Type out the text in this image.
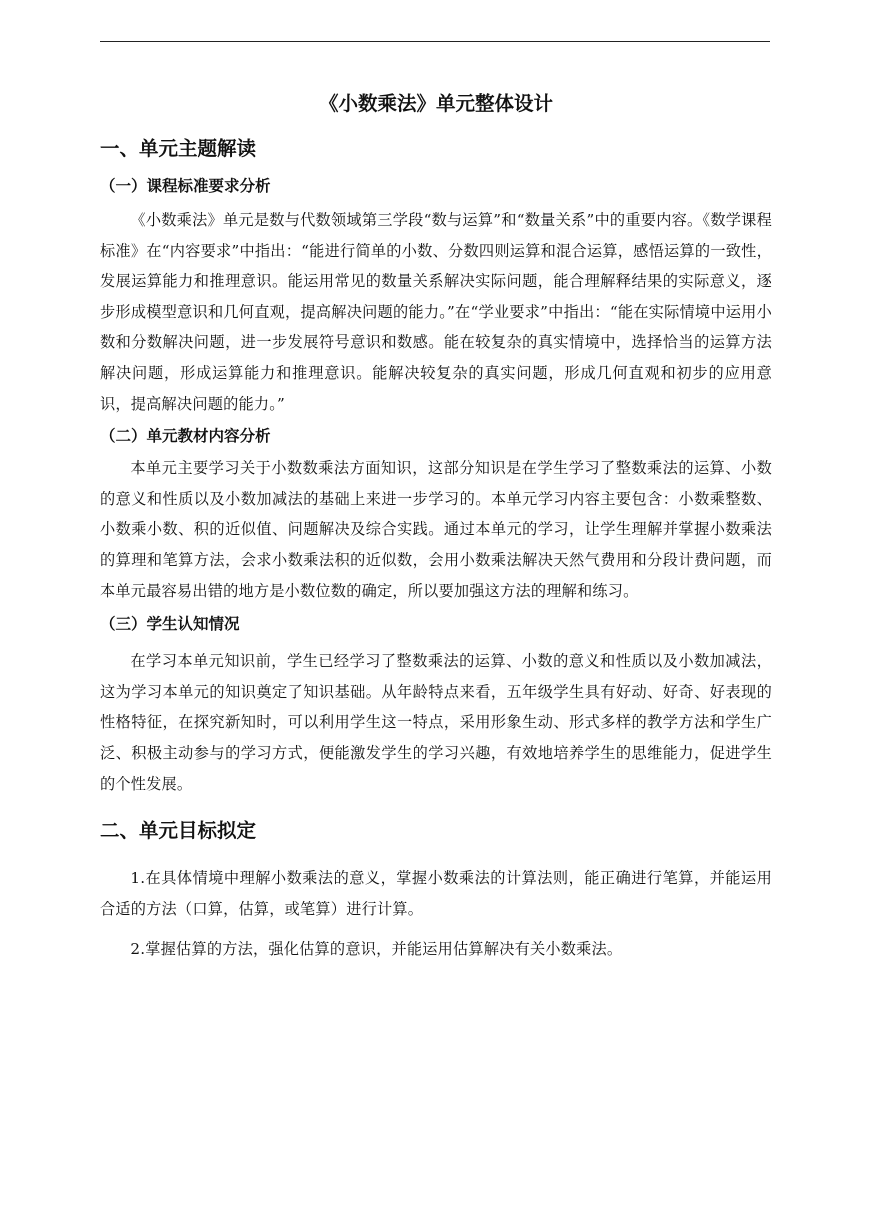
《小数乘法》单元整体设计
一、单元主题解读
（一）课程标准要求分析

《小数乘法》单元是数与代数领域第三学段“数与运算”和“数量关系”中的重要内容。《数学课程标准》在“内容要求”中指出：“能进行简单的小数、分数四则运算和混合运算，感悟运算的一致性，发展运算能力和推理意识。能运用常见的数量关系解决实际问题，能合理解释结果的实际意义，逐步形成模型意识和几何直观，提高解决问题的能力。”在“学业要求”中指出：“能在实际情境中运用小数和分数解决问题，进一步发展符号意识和数感。能在较复杂的真实情境中，选择恰当的运算方法解决问题，形成运算能力和推理意识。能解决较复杂的真实问题，形成几何直观和初步的应用意识，提高解决问题的能力。”

（二）单元教材内容分析

本单元主要学习关于小数数乘法方面知识，这部分知识是在学生学习了整数乘法的运算、小数的意义和性质以及小数加减法的基础上来进一步学习的。本单元学习内容主要包含：小数乘整数、小数乘小数、积的近似值、问题解决及综合实践。通过本单元的学习，让学生理解并掌握小数乘法的算理和笔算方法，会求小数乘法积的近似数，会用小数乘法解决天然气费用和分段计费问题，而本单元最容易出错的地方是小数位数的确定，所以要加强这方法的理解和练习。

（三）学生认知情况

在学习本单元知识前，学生已经学习了整数乘法的运算、小数的意义和性质以及小数加减法，这为学习本单元的知识奠定了知识基础。从年龄特点来看，五年级学生具有好动、好奇、好表现的性格特征，在探究新知时，可以利用学生这一特点，采用形象生动、形式多样的教学方法和学生广泛、积极主动参与的学习方式，便能激发学生的学习兴趣，有效地培养学生的思维能力，促进学生的个性发展。

二、单元目标拟定

1.在具体情境中理解小数乘法的意义，掌握小数乘法的计算法则，能正确进行笔算，并能运用合适的方法（口算，估算，或笔算）进行计算。

2.掌握估算的方法，强化估算的意识，并能运用估算解决有关小数乘法。
